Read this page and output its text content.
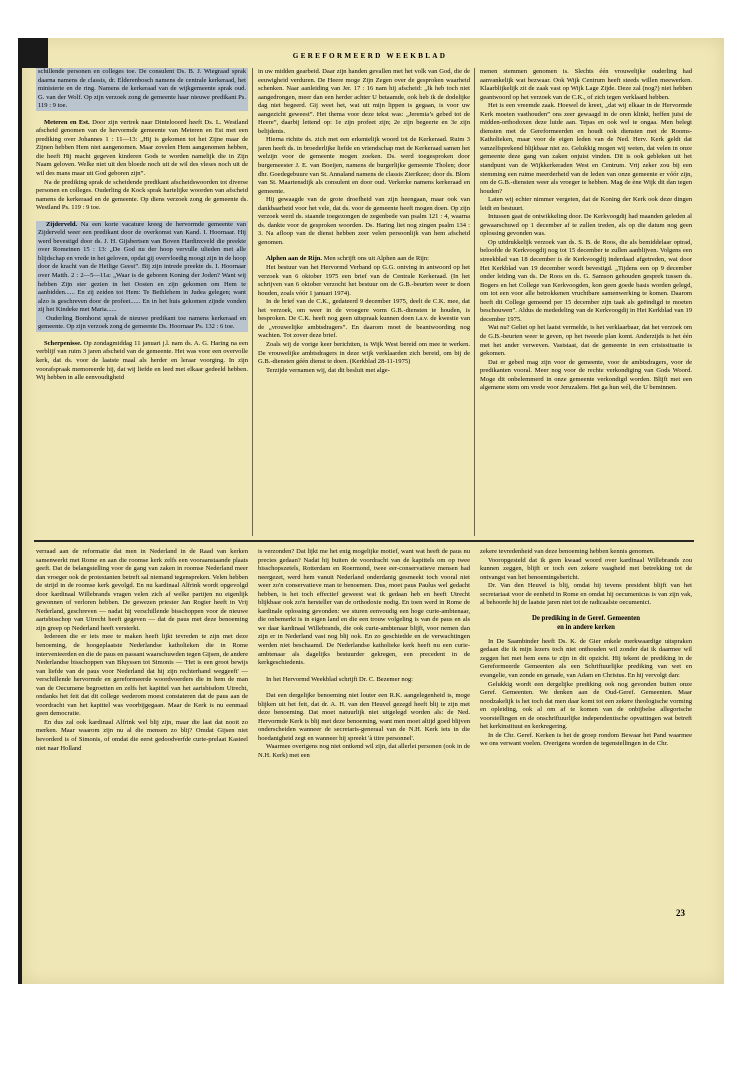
GEREFORMEERD WEEKBLAD

schillende personen en colleges toe. De consulent Ds. B. J. Wiegraad sprak daarna namens de classis, dr. Elderenbosch namens de centrale kerkeraad, het ministerie en de ring. Namens de kerkeraad van de wijkgemeente sprak oud. G. van der Wolf. Op zijn verzoek zong de gemeente haar nieuwe predikant Ps. 119 : 9 toe.

Meteren en Est. Door zijn vertrek naar Dintelooord heeft Ds. L. Westland afscheid genomen van de hervormde gemeente van Meteren en Est met een prediking over Johannes 1 : 11—13: „Hij is gekomen tot het Zijne maar de Zijnen hebben Hem niet aangenomen. Maar zovelen Hem aangenomen hebben, die heeft Hij macht gegeven kinderen Gods te worden namelijk die in Zijn Naam geloven. Welke niet uit den bloede noch uit de wil des vleses noch uit de wil des mans maar uit God geboren zijn”.

Na de prediking sprak de scheidende predikant afscheidswoorden tot diverse personen en colleges. Ouderling de Kock sprak hartelijke woorden van afscheid namens de kerkeraad en de gemeente. Op diens verzoek zong de gemeente ds. Westland Ps. 119 : 9 toe.

Zijderveld. Na een korte vacature kreeg de hervormde gemeente van Zijderveld weer een predikant door de overkomst van Kand. I. Hoornaar. Hij werd bevestigd door ds. J. H. Gijsbertsen van Boven Hardinxveld die preekte over Romeinen 15 : 13: „De God nu der hoop vervulle ulieden met alle blijdschap en vrede in het geloven, opdat gij overvloedig moogt zijn in de hoop door de kracht van de Heilige Geest”. Bij zijn intrede preekte ds. I. Hoornaar over Matth. 2 : 2—5—11a: „Waar is de geboren Koning der Joden? Want wij hebben Zijn ster gezien in het Oosten en zijn gekomen om Hem te aanbidden...... En zij zeiden tot Hem: Te Bethlehem in Judea gelegen; want alzo is geschreven door de profeet...... En in het huis gekomen zijnde vonden zij het Kindeke met Maria......

Ouderling Bomhorst sprak de nieuwe predikant toe namens kerkeraad en gemeente. Op zijn verzoek zong de gemeente Ds. Hoornaar Ps. 132 : 6 toe.

Scherpenisse. Op zondagmiddag 11 januari j.l. nam ds. A. G. Haring na een verblijf van ruim 3 jaren afscheid van de gemeente. Het was voor een overvolle kerk, dat ds. voor de laatste maal als herder en leraar voorging. In zijn voorafspraak memoreerde hij, dat wij liefde en leed met elkaar gedeeld hebben. Wij hebben in alle eenvoudigheid

in uw midden gearbeid. Daar zijn handen gevallen met het volk van God, die de eeuwigheid verduren. De Heere moge Zijn Zegen over de gesproken waarheid schenken. Naar aanleiding van Jer. 17 : 16 nam hij afscheid: „Ik heb toch niet aangedrongen, meer dan een herder achter U betaamde, ook heb ik de dodelijke dag niet begeerd. Gij weet het, wat uit mijn lippen is gegaan, is voor uw aangezicht geweest”. Het thema voor deze tekst was: „Jeremia’s gebed tot de Heere”, daarbij lettend op: 1e zijn profeet zijn; 2e zijn begeerte en 3e zijn belijdenis.

Hierna richtte ds. zich met een erkentelijk woord tot de Kerkeraad. Ruim 3 jaren heeft ds. in broederlijke liefde en vriendschap met de Kerkeraad samen het welzijn voor de gemeente mogen zoeken. Ds. werd toegesproken door burgemeester J. E. van Boeijen, namens de burgerlijke gemeente Tholen; door dhr. Goedegebuure van St. Annaland namens de classis Zierikzee; door ds. Blom van St. Maartensdijk als consulent en door oud. Verkerke namens kerkeraad en gemeente.

Hij gewaagde van de grote droefheid van zijn heengaan, maar ook van dankbaarheid voor het vele, dat ds. voor de gemeente heeft mogen doen. Op zijn verzoek werd ds. staande toegezongen de zegenbede van psalm 121 : 4, waarna ds. dankte voor de gesproken woorden. Ds. Haring liet nog zingen psalm 134 : 3. Na afloop van de dienst hebben zeer velen persoonlijk van hem afscheid genomen.

Alphen aan de Rijn. Men schrijft ons uit Alphen aan de Rijn:

Het bestuur van het Hervormd Verband op G.G. ontving in antwoord op het verzoek van 6 oktober 1975 een brief van de Centrale Kerkeraad. (In het schrijven van 6 oktober verzocht het bestuur om de G.B.-beurten weer te doen houden, zoals vóór 1 januari 1974).

In de brief van de C.K., gedateerd 9 december 1975, deelt de C.K. mee, dat het verzoek, om weer in de vroegere vorm G.B.-diensten te houden, is besproken. De C.K. heeft nog geen uitspraak kunnen doen t.a.v. de kwestie van de „vrouwelijke ambtsdragers”. En daarom moet de beantwoording nog wachten. Tot zover deze brief.

Zoals wij de vorige keer berichtten, is Wijk West bereid om mee te werken. De vrouwelijke ambtsdragers in deze wijk verklaarden zich bereid, om bij de G.B.-diensten géén dienst te doen. (Kerkblad 28-11-1975)

Terzijde vernamen wij, dat dit besluit met alge-

menen stemmen genomen is. Slechts één vrouwelijke ouderling had aanvankelijk wat bezwaar. Ook Wijk Centrum heeft steeds willen meewerken. Klaarblijkelijk zit de zaak vast op Wijk Lage Zijde. Deze zal (nog?) niet hebben geantwoord op het verzoek van de C.K., of zich tegen verklaard hebben.

Het is een vreemde zaak. Hoewel de kreet, „dat wij elkaar in de Hervormde Kerk moeten vasthouden” ons zeer gewaagd in de oren klinkt, heffen juist de midden-orthodoxen deze luide aan. Tepas en ook wel te ongaa. Men belegt diensten met de Gereformeerden en houdt ook diensten met de Rooms-Katholieken, maar voor de eigen leden van de Ned. Herv. Kerk geldt dat vanzelfsprekend blijkbaar niet zo. Gelukkig mogen wij weten, dat velen in onze gemeente deze gang van zaken onjuist vinden. Dit is ook gebleken uit het standpunt van de Wijkkerkeraden West en Centrum. Vrij zeker zou bij een stemming een ruime meerderheid van de leden van onze gemeente er vóór zijn, om de G.B.-diensten weer als vroeger te hebben. Mag de ène Wijk dit dan tegen houden?

Laten wij echter nimmer vergeten, dat de Koning der Kerk ook deze dingen leidt en bestuurt.

Intussen gaat de ontwikkeling door. De Kerkvoogdij had maanden geleden al gewaarschuwd op 1 december af te zullen treden, als op die datum nog geen oplossing gevonden was.

Op uitdrukkelijk verzoek van ds. S. B. de Roos, die als bemiddelaar optrad, beloofde de Kerkvoogdij nog tot 15 december te zullen aanblijven. Volgens een streekblad van 18 december is de Kerkvoogdij inderdaad afgetreden, wat door Het Kerkblad van 19 december wordt bevestigd. „Tijdens een op 9 december onder leiding van ds. De Roos en ds. G. Samson gehouden gesprek tussen ds. Bogers en het College van Kerkvoogden, kon geen goede basis worden gelegd, om tot een voor alle betrokkenen vruchtbare samenwerking te komen. Daarom heeft dit College gemeend per 15 december zijn taak als geëindigd te moeten beschouwen”. Aldus de mededeling van de Kerkvoogdij in Het Kerkblad van 19 december 1975.

Wat nu? Geliet op het laatst vermelde, is het verklaarbaar, dat het verzoek om de G.B.-beurten weer te geven, op het tweede plan komt. Anderzijds is het één met het ander verweven. Vaststaat, dat de gemeente in een crisissituatie is gekomen.

Dat er gebed mag zijn voor de gemeente, voor de ambtsdragers, voor de predikanten vooral. Meer nog voor de rechte verkondiging van Gods Woord. Moge dit onbelemmerd in onze gemeente verkondigd worden. Blijft met een algemene stem om vrede voor Jeruzalem. Het ga hun wél, die U beminnen.

verraad aan de reformatie dat men in Nederland in de Raad van kerken samenwerkt met Rome en aan die roomse kerk zelfs een vooraanstaande plaats geeft. Dat de belangstelling voor de gang van zaken in roomse Nederland meer dan vroeger ook de protestanten betreft sal niemand tegenspreken. Velen hebben de strijd in de roomse kerk gevolgd. En nu kardinaal Alfrink wordt opgevolgd door kardinaal Willebrands vragen velen zich af welke partijen nu eigenlijk gewonnen of verloren hebben. De gewezen priester Jan Rogier heeft in Vrij Nederland, geschreven — nadat hij verschillende bisschoppen voor de nieuwe aartsbisschop van Utrecht heeft gegeven — dat de paus met deze benoeming zijn greep op Nederland heeft versterkt.

Iedereen die er iets mee te maken heeft lijkt tevreden te zijn met deze benoeming, de hoogeplaatste Nederlandse katholieken die in Rome intervenieerden en die de paus en passant waarschuwden tegen Gijsen, de andere Nederlandse bisschoppen van Bluyssen tot Simonis — 'Het is een groot bewijs van liefde van de paus voor Nederland dat hij zijn rechterhand weggeeft' — verschillende hervormde en gereformeerde woordvoerders die in hem de man van de Oecumene begroetten en zelfs het kapittel van het aartsbisdom Utrecht, ondanks het feit dat dit college wederom moest constateren dat de paus aan de voordracht van het kapittel was voorbijgegaan. Maar de Kerk is nu eenmaal geen democratie.

En dus zal ook kardinaal Alfrink wel blij zijn, maar die laat dat nooit zo merken. Maar waarom zijn nu al die mensen zo blij? Omdat Gijsen niet bevorderd is of Simonis, of omdat die eerst gedoodverfde curie-prelaat Kasteel niet naar Holland

is verzonden? Dat lijkt me het enig mogelijke motief, want wat heeft de paus nu precies gedaan? Nadat hij buiten de voordracht van de kapittels om op twee bisschopszetels, Rotterdam en Roermond, twee eer-conservatieve mensen had neergezet, werd hem vanuit Nederland onderdanig gesmeekt toch vooral niet weer zo'n conservatieve man te benoemen. Dus, moet paus Paulus wel gedacht hebben, is het toch effectief geweest wat ik gedaan heb en heeft Utrecht blijkbaar ook zo'n hersteller van de orthodoxie nodig. En toen werd in Rome de kardinale oplossing gevonden: we sturen eenvoudig een hoge curie-ambtenaar, die onbemerkt is in eigen land en die een trouw volgeling is van de paus en als we daar kardinaal Willebrands, die ook curie-ambtenaar blijft, voor nemen dan zijn er in Nederland vast nog blij ook. En zo geschiedde en de verwachtingen werden niet beschaamd. De Nederlandse katholieke kerk heeft nu een curie-ambtenaar als dagelijks bestuurder gekregen, een precedent in de kerkgeschiedenis.

In het Hervormd Weekblad schrijft Dr. C. Bezemer nog:

Dat een dergelijke benoeming niet louter een R.K. aangelegenheid is, moge blijken uit het feit, dat dr. A. H. van den Heuvel gezegd heeft blij te zijn met deze benoeming. Dat moet natuurlijk niet uitgelegd worden als: de Ned. Hervormde Kerk is blij met deze benoeming, want men moet altijd goed blijven onderscheiden wanneer de secretaris-generaal van de N.H. Kerk iets in die hoedanigheid zegt en wanneer hij spreekt 'à titre personnel'.

Waarmee overigens nog niet ontkend wil zijn, dat allerlei personen (ook in de N.H. Kerk) met een

zekere tevredenheid van deze benoeming hebben kennis genomen.

Vooropgesteld dat ik geen kwaad woord over kardinaal Willebrands zou kunnen zeggen, blijft er toch een zekere vaagheid met betrekking tot de ontvangst van het benoemingsbericht.

Dr. Van den Heuvel is blij, omdat hij tevens president blijft van het secretariaat voor de eenheid in Rome en omdat hij oecumenicus is van zijn vak, al behoorde hij de laatste jaren niet tot de radicaalste oecumenici.

De prediking in de Geref. Gemeenten
en in andere kerken

In De Saambinder heeft Ds. K. de Gier enkele merkwaardige uitspraken gedaan die ik mijn lezers toch niet onthouden wil zonder dat ik daarmee wil zeggen het met hem eens te zijn in dit opzicht. Hij tekent de prediking in de Gereformeerde Gemeenten als een Schriftuurlijke prediking van wet en evangelie, van zonde en genade, van Adam en Christus. En hij vervolgt dan:

Gelukkig wordt een dergelijke prediking ook nog gevonden buiten onze Geref. Gemeenten. We denken aan de Oud-Geref. Gemeenten. Maar noodzakelijk is het toch dat men daar komt tot een zekere theologische vorming en opleiding, ook al om af te komen van de onbijbelse allegorische voorstellingen en de onschriftuurlijke independentische opvattingen wat betreft het kerkinstituut en kerkregering.

In de Chr. Geref. Kerken is het de groep rondom Bewaar het Pand waarmee we ons verwant voelen. Overigens worden de tegenstellingen in de Chr.

23
